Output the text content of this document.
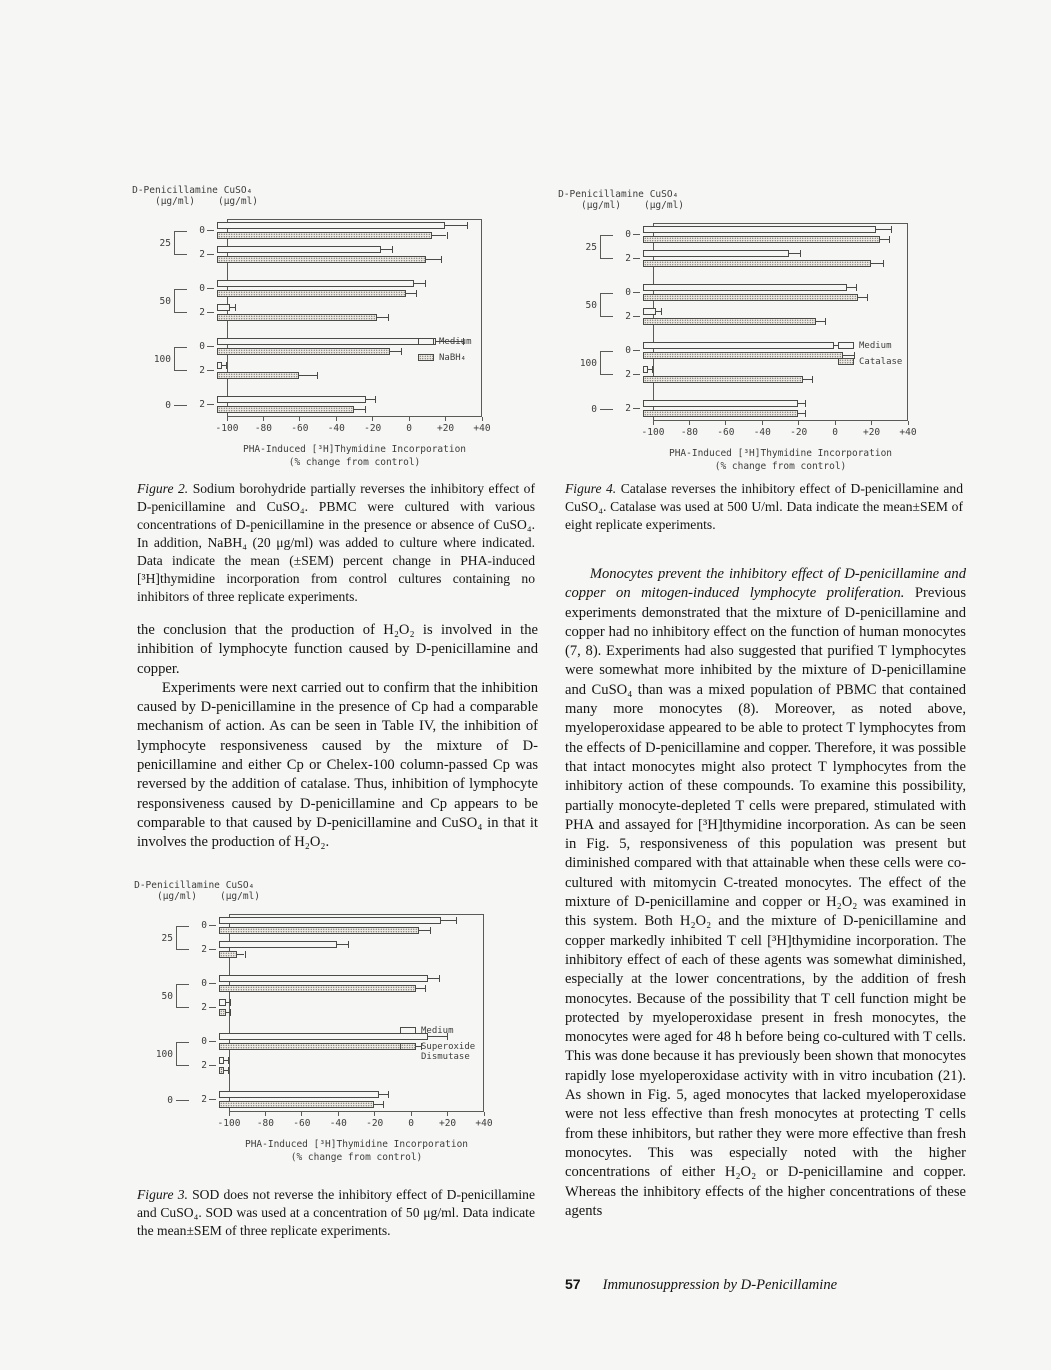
D-Penicillamine
(μg/ml)
CuSO₄
(μg/ml)
25
0
2
50
0
2
100
0
2
0	2
Medium
NaBH₄
-100	-80	-60	-40	-20	0	+20	+40
PHA-Induced [³H]Thymidine Incorporation
(% change from control)
D-Penicillamine
(μg/ml)
CuSO₄
(μg/ml)
25
0
2
50
0
2
100
0
2
0	2
Medium
Catalase
-100	-80	-60	-40	-20	0	+20	+40
PHA-Induced [³H]Thymidine Incorporation
(% change from control)

Figure 2. Sodium borohydride partially reverses the inhibitory effect of D-penicillamine and CuSO₄. PBMC were cultured with various concentrations of D-penicillamine in the presence or absence of CuSO₄. In addition, NaBH₄ (20 μg/ml) was added to culture where indicated. Data indicate the mean (±SEM) percent change in PHA-induced [³H]thymidine incorporation from control cultures containing no inhibitors of three replicate experiments.

Figure 4. Catalase reverses the inhibitory effect of D-penicillamine and CuSO₄. Catalase was used at 500 U/ml. Data indicate the mean±SEM of eight replicate experiments.

the conclusion that the production of H₂O₂ is involved in the inhibition of lymphocyte function caused by D-penicillamine and copper.

Experiments were next carried out to confirm that the inhibition caused by D-penicillamine in the presence of Cp had a comparable mechanism of action. As can be seen in Table IV, the inhibition of lymphocyte responsiveness caused by the mixture of D-penicillamine and either Cp or Chelex-100 column-passed Cp was reversed by the addition of catalase. Thus, inhibition of lymphocyte responsiveness caused by D-penicillamine and Cp appears to be comparable to that caused by D-penicillamine and CuSO₄ in that it involves the production of H₂O₂.

D-Penicillamine
(μg/ml)
CuSO₄
(μg/ml)
25
0
2
50
0
2
100
0
2
0	2
Medium
Superoxide Dismutase
-100	-80	-60	-40	-20	0	+20	+40
PHA-Induced [³H]Thymidine Incorporation
(% change from control)

Figure 3. SOD does not reverse the inhibitory effect of D-penicillamine and CuSO₄. SOD was used at a concentration of 50 μg/ml. Data indicate the mean±SEM of three replicate experiments.

Monocytes prevent the inhibitory effect of D-penicillamine and copper on mitogen-induced lymphocyte proliferation. Previous experiments demonstrated that the mixture of D-penicillamine and copper had no inhibitory effect on the function of human monocytes (7, 8). Experiments had also suggested that purified T lymphocytes were somewhat more inhibited by the mixture of D-penicillamine and CuSO₄ than was a mixed population of PBMC that contained many more monocytes (8). Moreover, as noted above, myeloperoxidase appeared to be able to protect T lymphocytes from the effects of D-penicillamine and copper. Therefore, it was possible that intact monocytes might also protect T lymphocytes from the inhibitory action of these compounds. To examine this possibility, partially monocyte-depleted T cells were prepared, stimulated with PHA and assayed for [³H]thymidine incorporation. As can be seen in Fig. 5, responsiveness of this population was present but diminished compared with that attainable when these cells were co-cultured with mitomycin C-treated monocytes. The effect of the mixture of D-penicillamine and copper or H₂O₂ was examined in this system. Both H₂O₂ and the mixture of D-penicillamine and copper markedly inhibited T cell [³H]thymidine incorporation. The inhibitory effect of each of these agents was somewhat diminished, especially at the lower concentrations, by the addition of fresh monocytes. Because of the possibility that T cell function might be protected by myeloperoxidase present in fresh monocytes, the monocytes were aged for 48 h before being co-cultured with T cells. This was done because it has previously been shown that monocytes rapidly lose myeloperoxidase activity with in vitro incubation (21). As shown in Fig. 5, aged monocytes that lacked myeloperoxidase were not less effective than fresh monocytes at protecting T cells from these inhibitors, but rather they were more effective than fresh monocytes. This was especially noted with the higher concentrations of either H₂O₂ or D-penicillamine and copper. Whereas the inhibitory effects of the higher concentrations of these agents

57 Immunosuppression by D-Penicillamine
